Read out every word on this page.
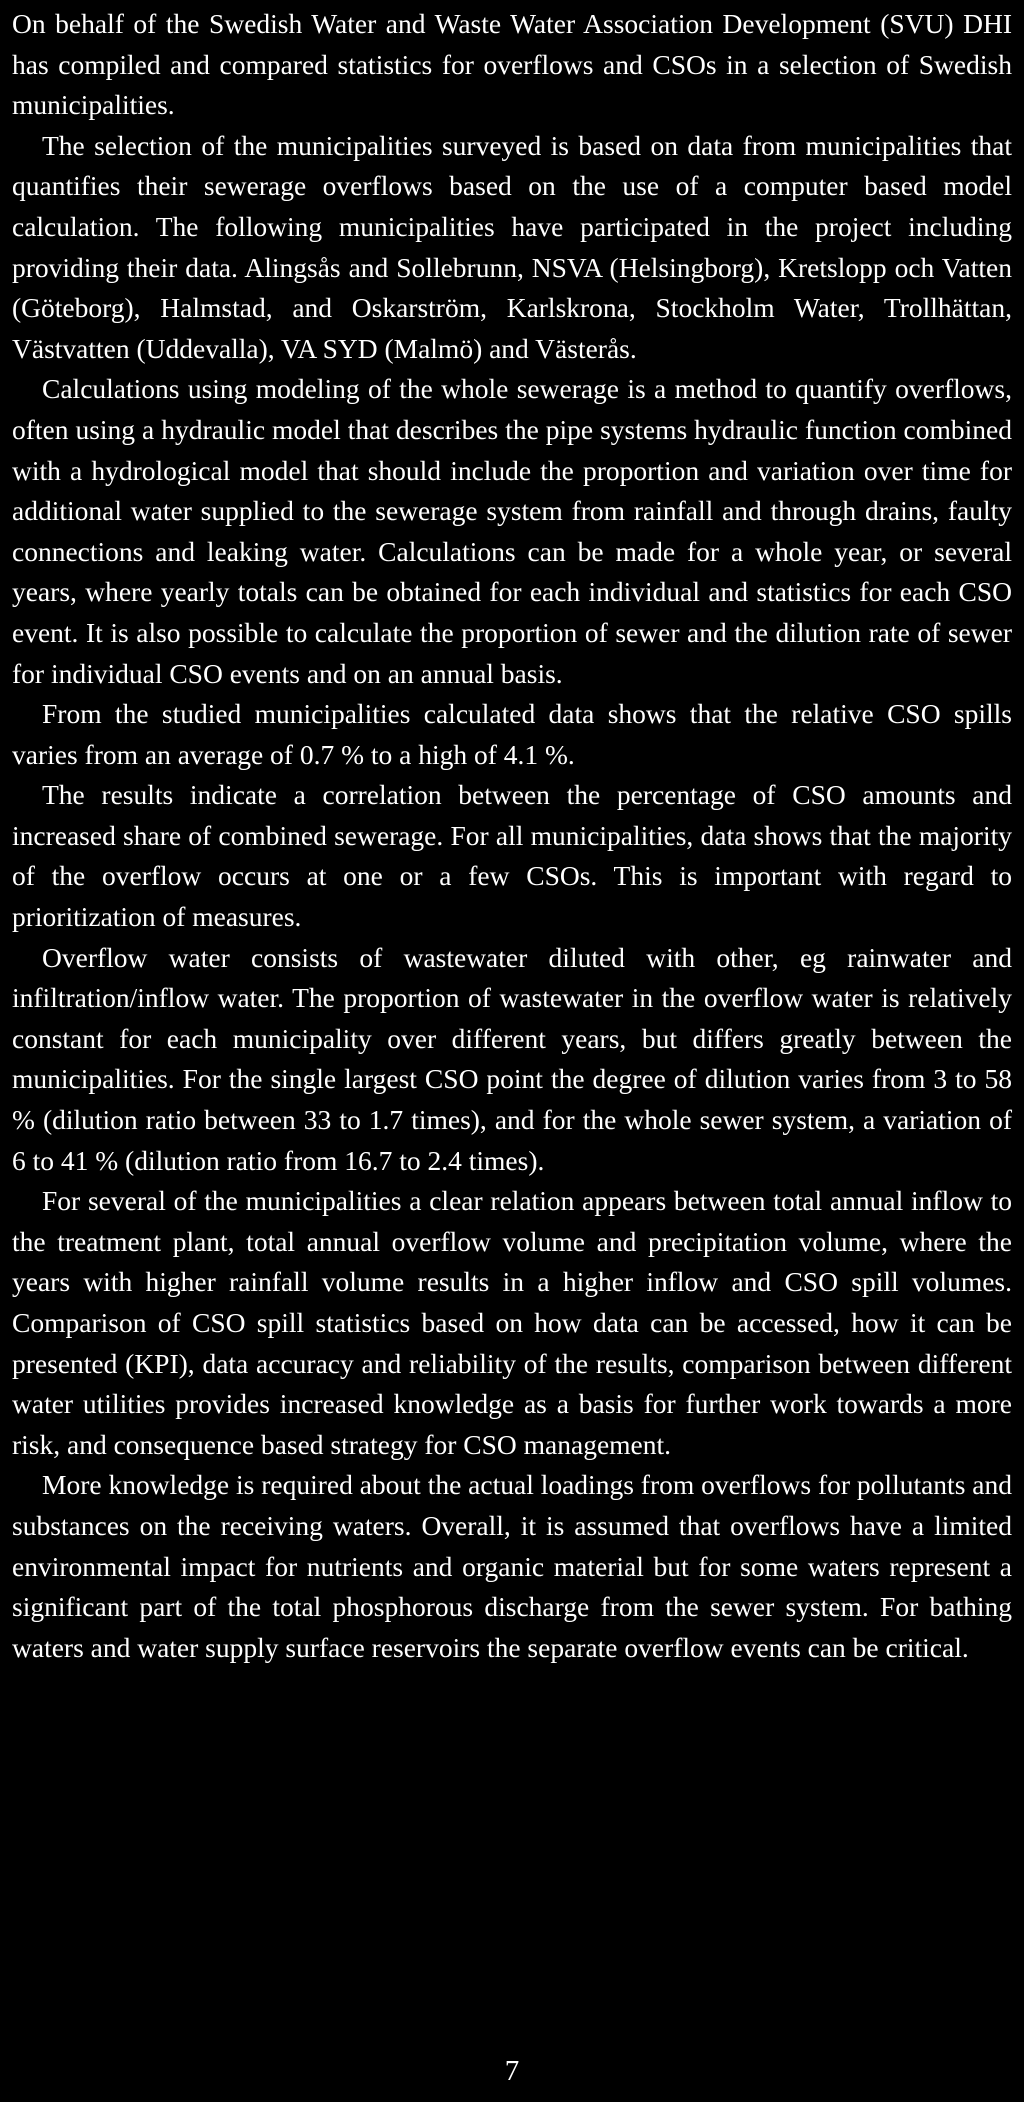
On behalf of the Swedish Water and Waste Water Association Development (SVU) DHI has compiled and compared statistics for overflows and CSOs in a selection of Swedish municipalities.

The selection of the municipalities surveyed is based on data from municipalities that quantifies their sewerage overflows based on the use of a computer based model calculation. The following municipalities have participated in the project including providing their data. Alingsås and Sollebrunn, NSVA (Helsingborg), Kretslopp och Vatten (Göteborg), Halmstad, and Oskarström, Karlskrona, Stockholm Water, Trollhättan, Västvatten (Uddevalla), VA SYD (Malmö) and Västerås.

Calculations using modeling of the whole sewerage is a method to quantify overflows, often using a hydraulic model that describes the pipe systems hydraulic function combined with a hydrological model that should include the proportion and variation over time for additional water supplied to the sewerage system from rainfall and through drains, faulty connections and leaking water. Calculations can be made for a whole year, or several years, where yearly totals can be obtained for each individual and statistics for each CSO event. It is also possible to calculate the proportion of sewer and the dilution rate of sewer for individual CSO events and on an annual basis.

From the studied municipalities calculated data shows that the relative CSO spills varies from an average of 0.7 % to a high of 4.1 %.

The results indicate a correlation between the percentage of CSO amounts and increased share of combined sewerage. For all municipalities, data shows that the majority of the overflow occurs at one or a few CSOs. This is important with regard to prioritization of measures.

Overflow water consists of wastewater diluted with other, eg rainwater and infiltration/inflow water. The proportion of wastewater in the overflow water is relatively constant for each municipality over different years, but differs greatly between the municipalities. For the single largest CSO point the degree of dilution varies from 3 to 58 % (dilution ratio between 33 to 1.7 times), and for the whole sewer system, a variation of 6 to 41 % (dilution ratio from 16.7 to 2.4 times).

For several of the municipalities a clear relation appears between total annual inflow to the treatment plant, total annual overflow volume and precipitation volume, where the years with higher rainfall volume results in a higher inflow and CSO spill volumes. Comparison of CSO spill statistics based on how data can be accessed, how it can be presented (KPI), data accuracy and reliability of the results, comparison between different water utilities provides increased knowledge as a basis for further work towards a more risk, and consequence based strategy for CSO management.

More knowledge is required about the actual loadings from overflows for pollutants and substances on the receiving waters. Overall, it is assumed that overflows have a limited environmental impact for nutrients and organic material but for some waters represent a significant part of the total phosphorous discharge from the sewer system. For bathing waters and water supply surface reservoirs the separate overflow events can be critical.

7
